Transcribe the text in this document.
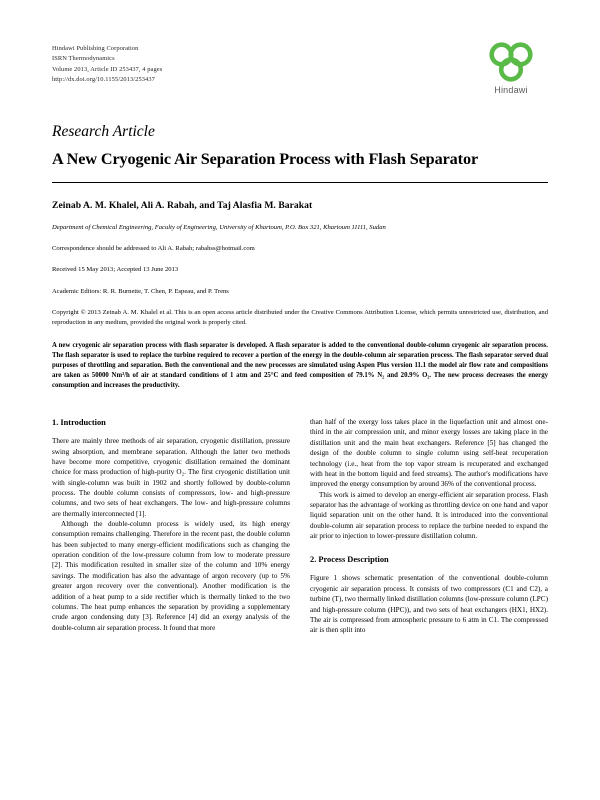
Hindawi Publishing Corporation
ISRN Thermodynamics
Volume 2013, Article ID 253437, 4 pages
http://dx.doi.org/10.1155/2013/253437
Hindawi
Research Article
A New Cryogenic Air Separation Process with Flash Separator
Zeinab A. M. Khalel, Ali A. Rabah, and Taj Alasfia M. Barakat
Department of Chemical Engineering, Faculty of Engineering, University of Khartoum, P.O. Box 321, Khartoum 11111, Sudan
Correspondence should be addressed to Ali A. Rabah; rabahss@hotmail.com
Received 15 May 2013; Accepted 13 June 2013
Academic Editors: R. R. Burnette, T. Chen, P. Espeau, and P. Trens
Copyright © 2013 Zeinab A. M. Khalel et al. This is an open access article distributed under the Creative Commons Attribution License, which permits unrestricted use, distribution, and reproduction in any medium, provided the original work is properly cited.
A new cryogenic air separation process with flash separator is developed. A flash separator is added to the conventional double-column cryogenic air separation process. The flash separator is used to replace the turbine required to recover a portion of the energy in the double-column air separation process. The flash separator served dual purposes of throttling and separation. Both the conventional and the new processes are simulated using Aspen Plus version 11.1 the model air flow rate and compositions are taken as 50000 Nm³/h of air at standard conditions of 1 atm and 25°C and feed composition of 79.1% N₂ and 20.9% O₂. The new process decreases the energy consumption and increases the productivity.
1. Introduction

There are mainly three methods of air separation, cryogenic distillation, pressure swing absorption, and membrane separation. Although the latter two methods have become more competitive, cryogenic distillation remained the dominant choice for mass production of high-purity O₂. The first cryogenic distillation unit with single-column was built in 1902 and shortly followed by double-column process. The double column consists of compressors, low- and high-pressure columns, and two sets of heat exchangers. The low- and high-pressure columns are thermally interconnected [1].

Although the double-column process is widely used, its high energy consumption remains challenging. Therefore in the recent past, the double column has been subjected to many energy-efficient modifications such as changing the operation condition of the low-pressure column from low to moderate pressure [2]. This modification resulted in smaller size of the column and 10% energy savings. The modification has also the advantage of argon recovery (up to 5% greater argon recovery over the conventional). Another modification is the addition of a heat pump to a side rectifier which is thermally linked to the two columns. The heat pump enhances the separation by providing a supplementary crude argon condensing duty [3]. Reference [4] did an exergy analysis of the double-column air separation process. It found that more

than half of the exergy loss takes place in the liquefaction unit and almost one-third in the air compression unit, and minor exergy losses are taking place in the distillation unit and the main heat exchangers. Reference [5] has changed the design of the double column to single column using self-heat recuperation technology (i.e., heat from the top vapor stream is recuperated and exchanged with heat in the bottom liquid and feed streams). The author's modifications have improved the energy consumption by around 36% of the conventional process.

This work is aimed to develop an energy-efficient air separation process. Flash separator has the advantage of working as throttling device on one hand and vapor liquid separation unit on the other hand. It is introduced into the conventional double-column air separation process to replace the turbine needed to expand the air prior to injection to lower-pressure distillation column.

2. Process Description

Figure 1 shows schematic presentation of the conventional double-column cryogenic air separation process. It consists of two compressors (C1 and C2), a turbine (T), two thermally linked distillation columns (low-pressure column (LPC) and high-pressure column (HPC)), and two sets of heat exchangers (HX1, HX2). The air is compressed from atmospheric pressure to 6 atm in C1. The compressed air is then split into
